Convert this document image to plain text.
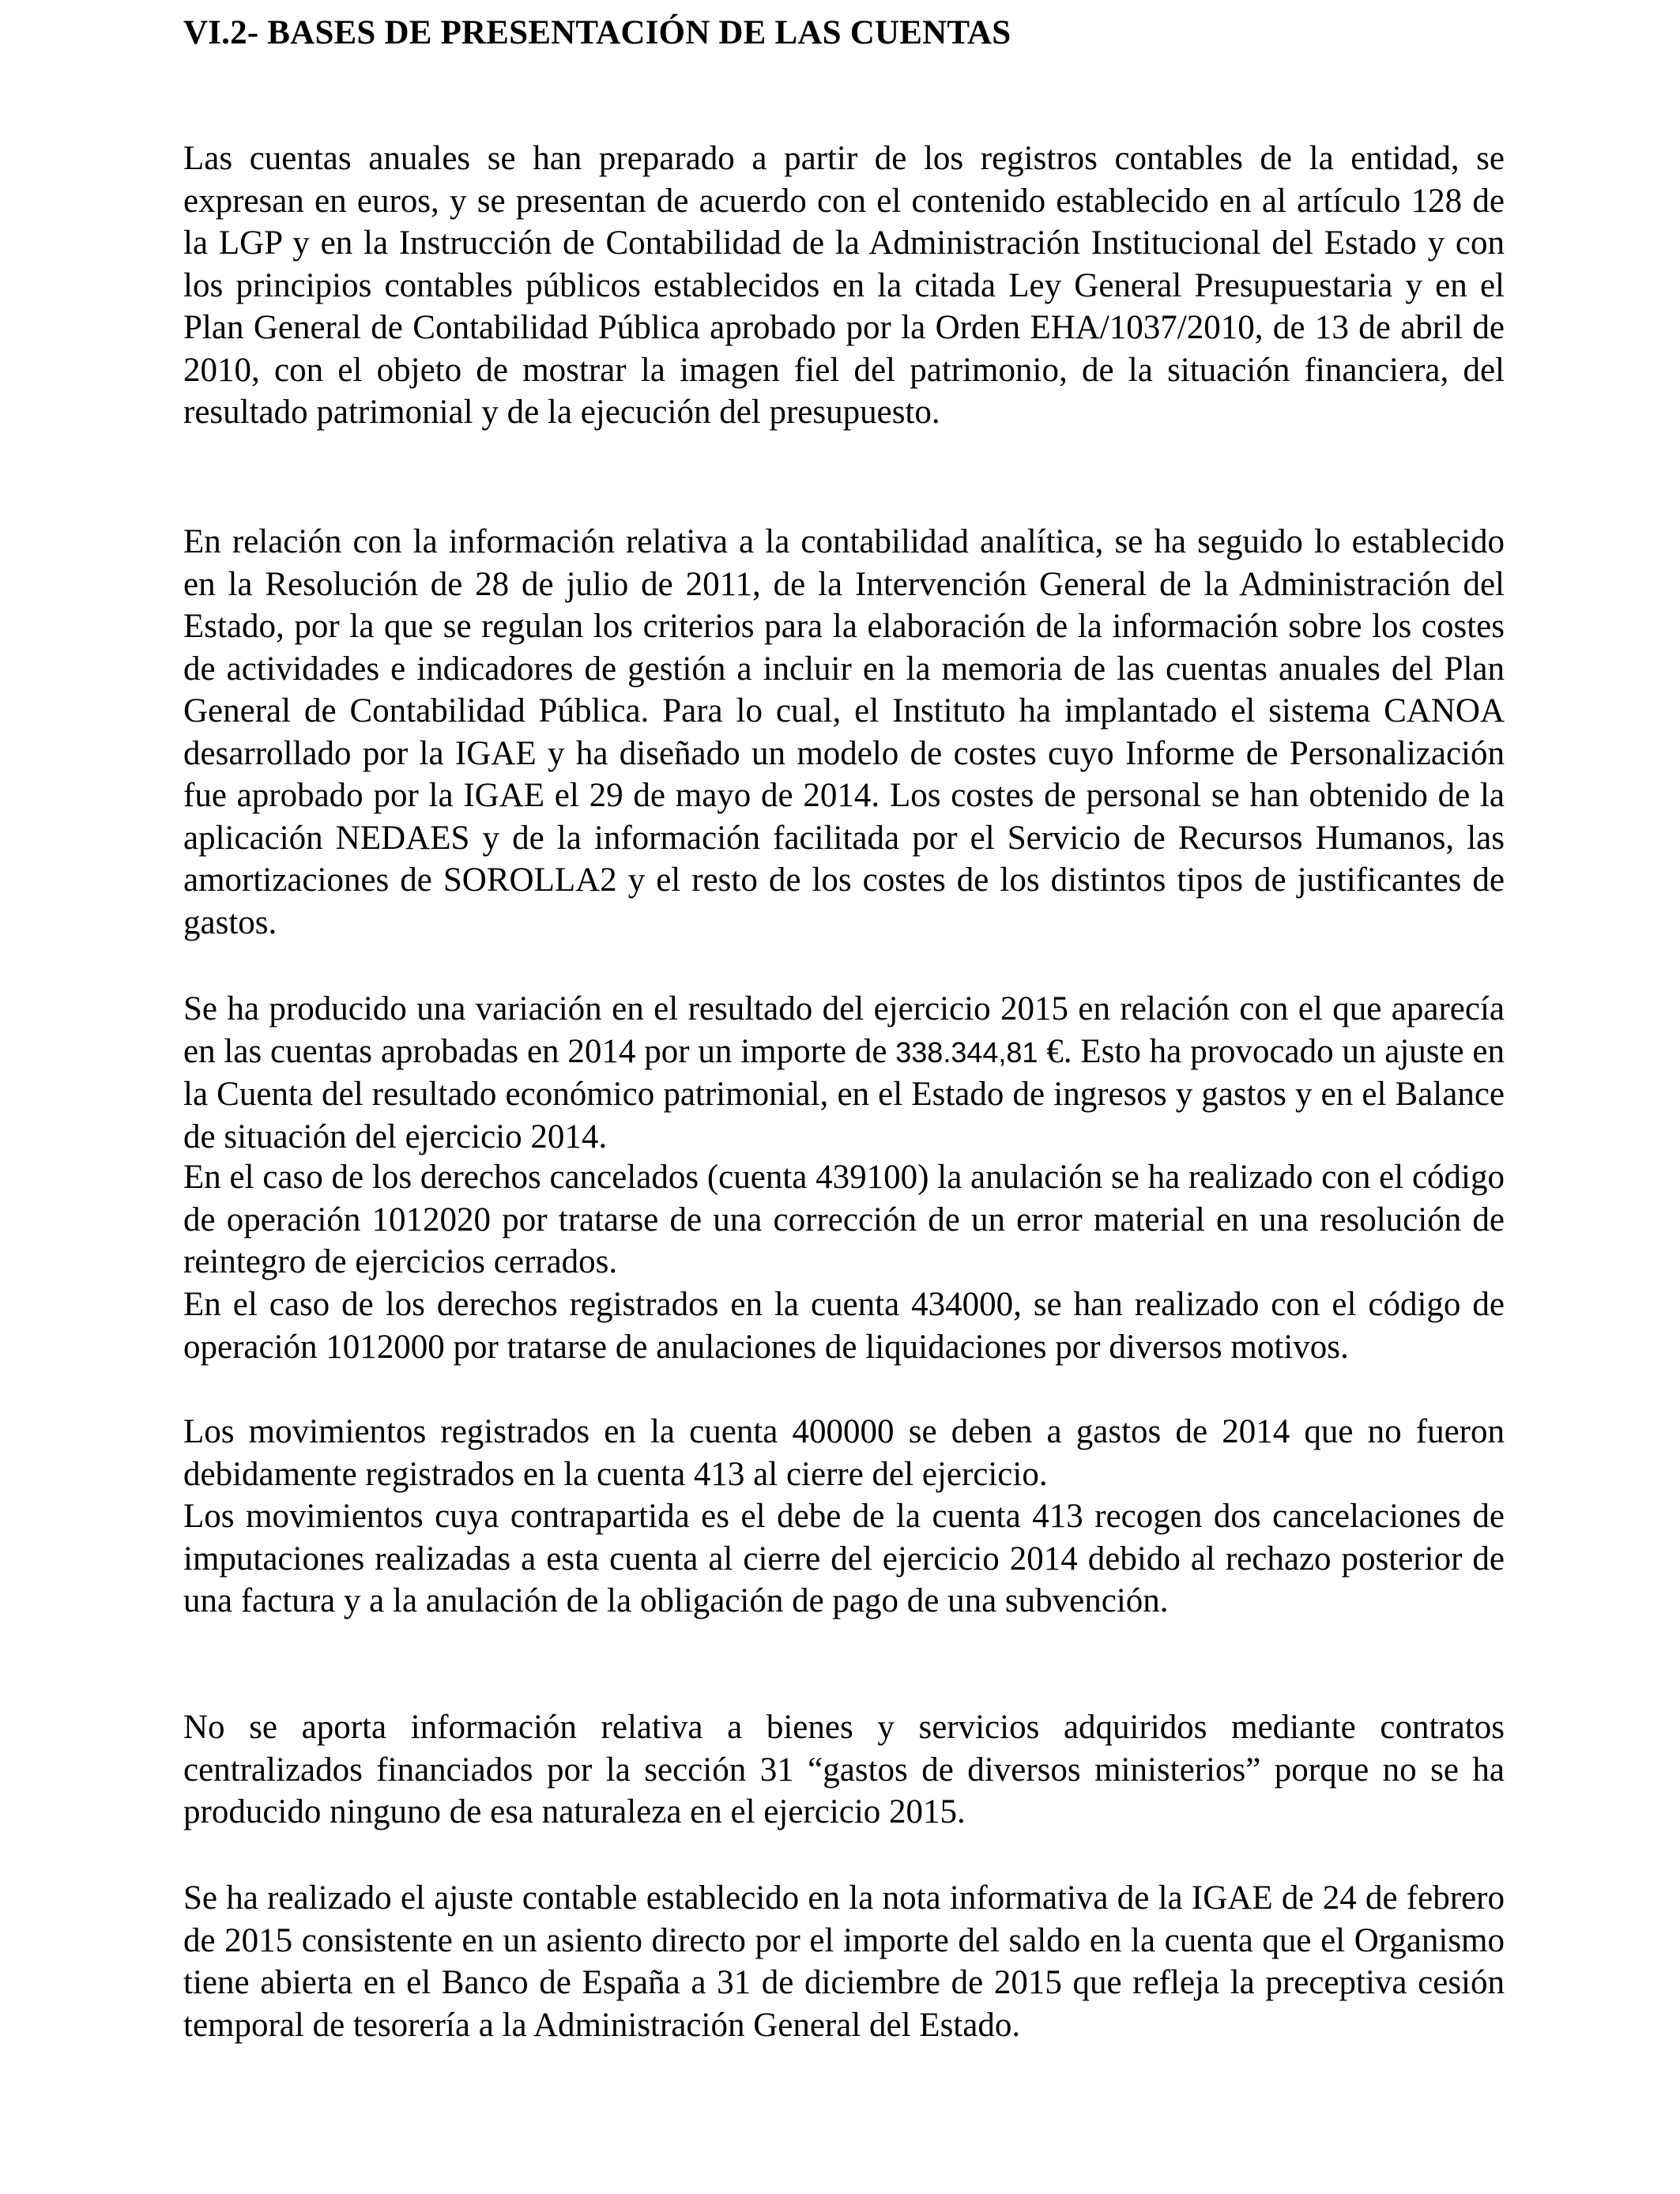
VI.2- BASES DE PRESENTACIÓN DE LAS CUENTAS

Las cuentas anuales se han preparado a partir de los registros contables de la entidad, se expresan en euros, y se presentan de acuerdo con el contenido establecido en al artículo 128 de la LGP y en la Instrucción de Contabilidad de la Administración Institucional del Estado y con los principios contables públicos establecidos en la citada Ley General Presupuestaria y en el Plan General de Contabilidad Pública aprobado por la Orden EHA/1037/2010, de 13 de abril de 2010, con el objeto de mostrar la imagen fiel del patrimonio, de la situación financiera, del resultado patrimonial y de la ejecución del presupuesto.

En relación con la información relativa a la contabilidad analítica, se ha seguido lo establecido en la Resolución de 28 de julio de 2011, de la Intervención General de la Administración del Estado, por la que se regulan los criterios para la elaboración de la información sobre los costes de actividades e indicadores de gestión a incluir en la memoria de las cuentas anuales del Plan General de Contabilidad Pública. Para lo cual, el Instituto ha implantado el sistema CANOA desarrollado por la IGAE y ha diseñado un modelo de costes cuyo Informe de Personalización fue aprobado por la IGAE el 29 de mayo de 2014. Los costes de personal se han obtenido de la aplicación NEDAES y de la información facilitada por el Servicio de Recursos Humanos, las amortizaciones de SOROLLA2 y el resto de los costes de los distintos tipos de justificantes de gastos.

Se ha producido una variación en el resultado del ejercicio 2015 en relación con el que aparecía en las cuentas aprobadas en 2014 por un importe de 338.344,81 €. Esto ha provocado un ajuste en la Cuenta del resultado económico patrimonial, en el Estado de ingresos y gastos y en el Balance de situación del ejercicio 2014.

En el caso de los derechos cancelados (cuenta 439100) la anulación se ha realizado con el código de operación 1012020 por tratarse de una corrección de un error material en una resolución de reintegro de ejercicios cerrados.

En el caso de los derechos registrados en la cuenta 434000, se han realizado con el código de operación 1012000 por tratarse de anulaciones de liquidaciones por diversos motivos.

Los movimientos registrados en la cuenta 400000 se deben a gastos de 2014 que no fueron debidamente registrados en la cuenta 413 al cierre del ejercicio.

Los movimientos cuya contrapartida es el debe de la cuenta 413 recogen dos cancelaciones de imputaciones realizadas a esta cuenta al cierre del ejercicio 2014 debido al rechazo posterior de una factura y a la anulación de la obligación de pago de una subvención.

No se aporta información relativa a bienes y servicios adquiridos mediante contratos centralizados financiados por la sección 31 “gastos de diversos ministerios” porque no se ha producido ninguno de esa naturaleza en el ejercicio 2015.

Se ha realizado el ajuste contable establecido en la nota informativa de la IGAE de 24 de febrero de 2015 consistente en un asiento directo por el importe del saldo en la cuenta que el Organismo tiene abierta en el Banco de España a 31 de diciembre de 2015 que refleja la preceptiva cesión temporal de tesorería a la Administración General del Estado.
